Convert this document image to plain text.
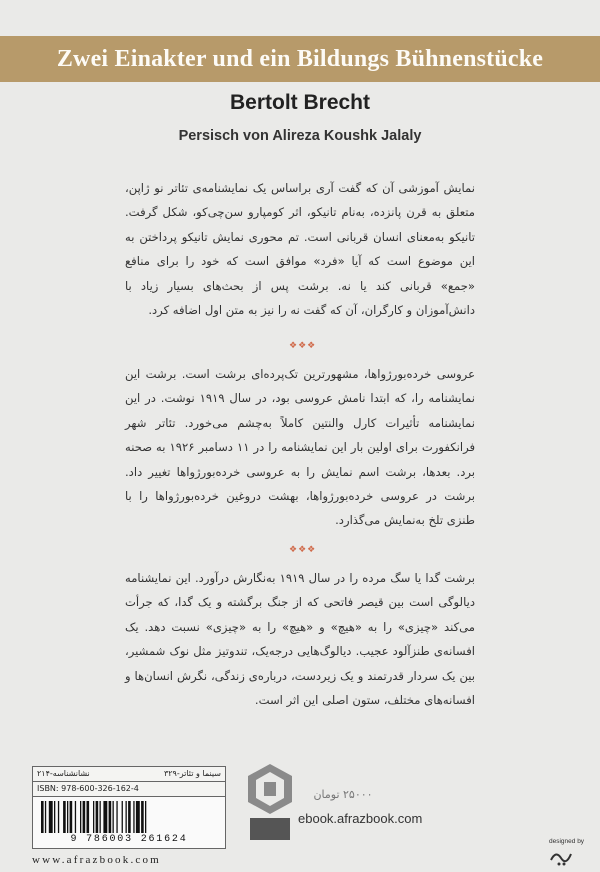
Zwei Einakter und ein Bildungs Bühnenstücke
Bertolt Brecht
Persisch von Alireza Koushk Jalaly
نمایش آموزشی آن که گفت آری براساس یک نمایشنامه‌ی تئاتر نو ژاپن، متعلق به قرن پانزده، به‌نام تانیکو، اثر کومپارو سن‌چی‌کو، شکل گرفت. تانیکو به‌معنای انسان قربانی است. تم محوری نمایش تانیکو پرداختن به این موضوع است که آیا «فرد» موافق است که خود را برای منافع «جمع» قربانی کند یا نه. برشت پس از بحث‌های بسیار زیاد با دانش‌آموزان و کارگران، آن که گفت نه را نیز به متن اول اضافه کرد.
❖❖❖
عروسی خرده‌بورژواها، مشهورترین تک‌پرده‌ای برشت است. برشت این نمایشنامه را، که ابتدا نامش عروسی بود، در سال ۱۹۱۹ نوشت. در این نمایشنامه تأثیرات کارل والنتین کاملاً به‌چشم می‌خورد. تئاتر شهر فرانکفورت برای اولین بار این نمایشنامه را در ۱۱ دسامبر ۱۹۲۶ به صحنه برد. بعدها، برشت اسم نمایش را به عروسی خرده‌بورژواها تغییر داد. برشت در عروسی خرده‌بورژواها، بهشت دروغین خرده‌بورژواها را با طنزی تلخ به‌نمایش می‌گذارد.
❖❖❖
برشت گدا یا سگ مرده را در سال ۱۹۱۹ به‌نگارش درآورد. این نمایشنامه دیالوگی است بین قیصر فاتحی که از جنگ برگشته و یک گدا، که جرأت می‌کند «چیزی» را به «هیچ» و «هیچ» را به «چیزی» نسبت دهد. یک افسانه‌ی طنزآلود عجیب. دیالوگ‌هایی درجه‌یک، تندوتیز مثل نوک شمشیر، بین یک سردار قدرتمند و یک زیردست، درباره‌ی زندگی، نگرش انسان‌ها و افسانه‌های مختلف، ستون اصلی این اثر است.
سینما و تئاتر-۳۲۹
نشانشناسه-۲۱۴
ISBN: 978-600-326-162-4
9 786003 261624
www.afrazbook.com
۲۵۰۰۰ تومان
ebook.afrazbook.com
designed by
